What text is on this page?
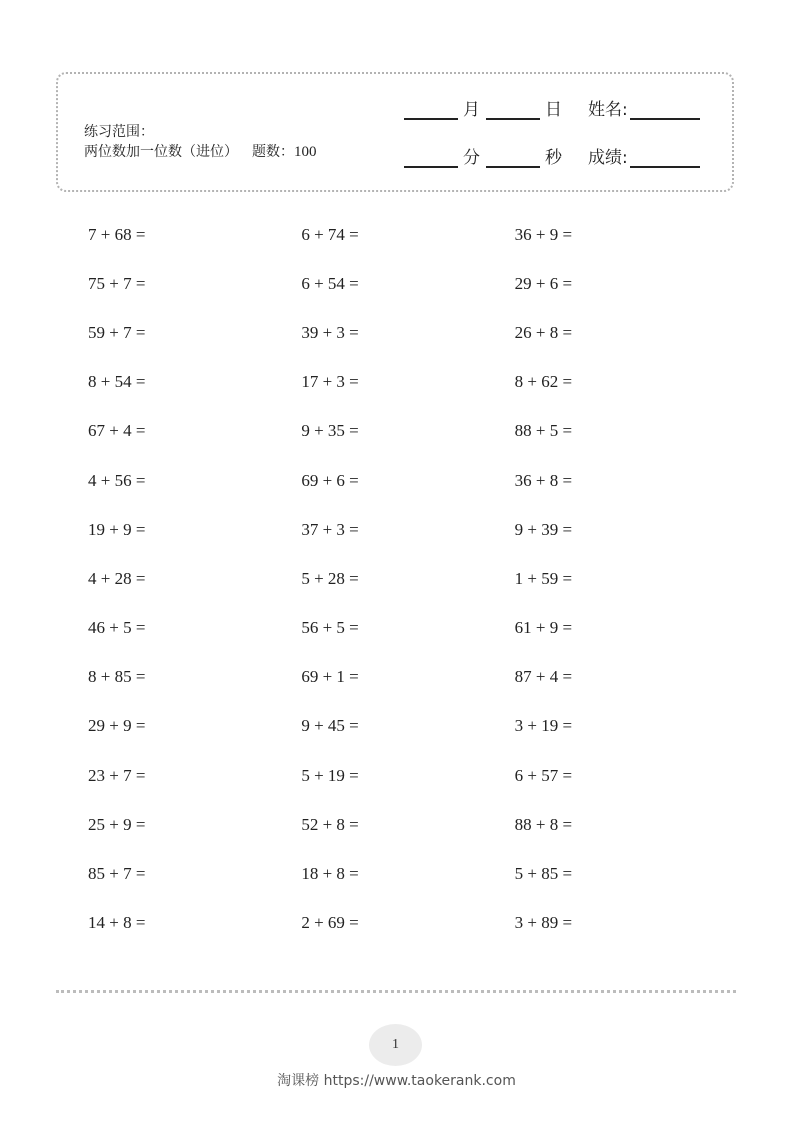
练习范围：
两位数加一位数（进位） 题数：100
月	日 姓名:
分	秒 成绩:
7 + 68 =	6 + 74 =	36 + 9 =
75 + 7 =	6 + 54 =	29 + 6 =
59 + 7 =	39 + 3 =	26 + 8 =
8 + 54 =	17 + 3 =	8 + 62 =
67 + 4 =	9 + 35 =	88 + 5 =
4 + 56 =	69 + 6 =	36 + 8 =
19 + 9 =	37 + 3 =	9 + 39 =
4 + 28 =	5 + 28 =	1 + 59 =
46 + 5 =	56 + 5 =	61 + 9 =
8 + 85 =	69 + 1 =	87 + 4 =
29 + 9 =	9 + 45 =	3 + 19 =
23 + 7 =	5 + 19 =	6 + 57 =
25 + 9 =	52 + 8 =	88 + 8 =
85 + 7 =	18 + 8 =	5 + 85 =
14 + 8 =	2 + 69 =	3 + 89 =
1
淘课榜 https://www.taokerank.com
